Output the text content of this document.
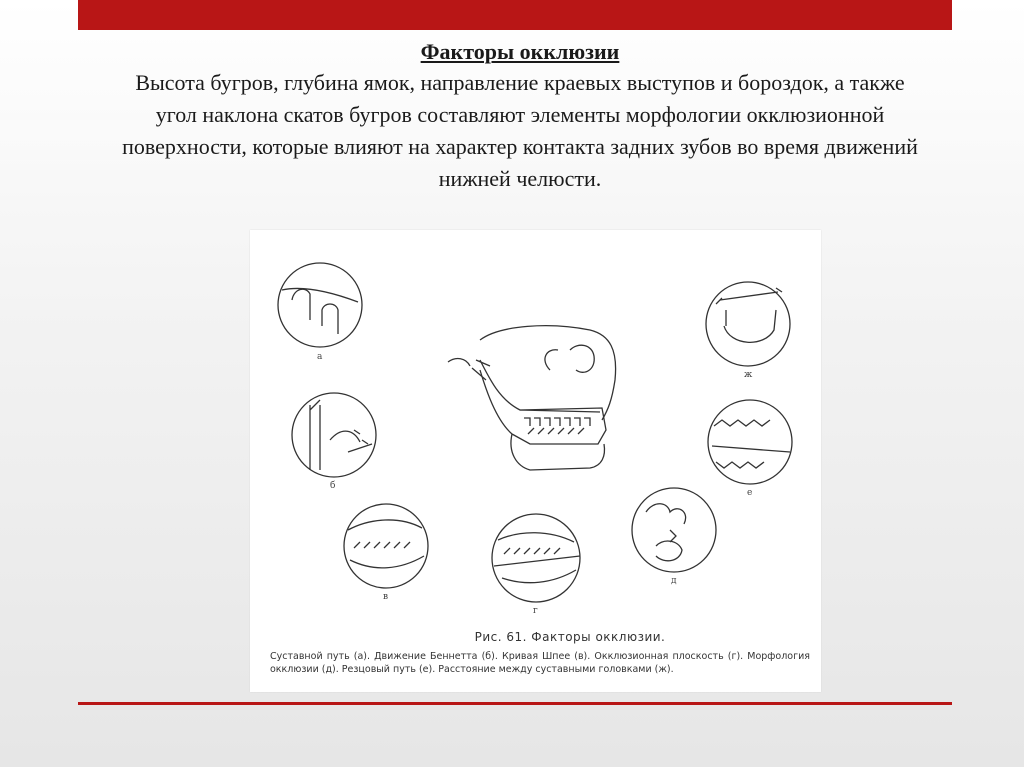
Факторы окклюзии

Высота бугров, глубина ямок, направление краевых выступов и бороздок, а также угол наклона скатов бугров составляют элементы морфологии окклюзионной поверхности, которые влияют на характер контакта задних зубов во время движений нижней челюсти.

а
б
в
г
д
е
ж
Рис. 61. Факторы окклюзии.
Суставной путь (а). Движение Беннетта (б). Кривая Шпее (в). Окклюзионная плоскость (г). Морфология окклюзии (д). Резцовый путь (е). Расстояние между суставными головками (ж).
